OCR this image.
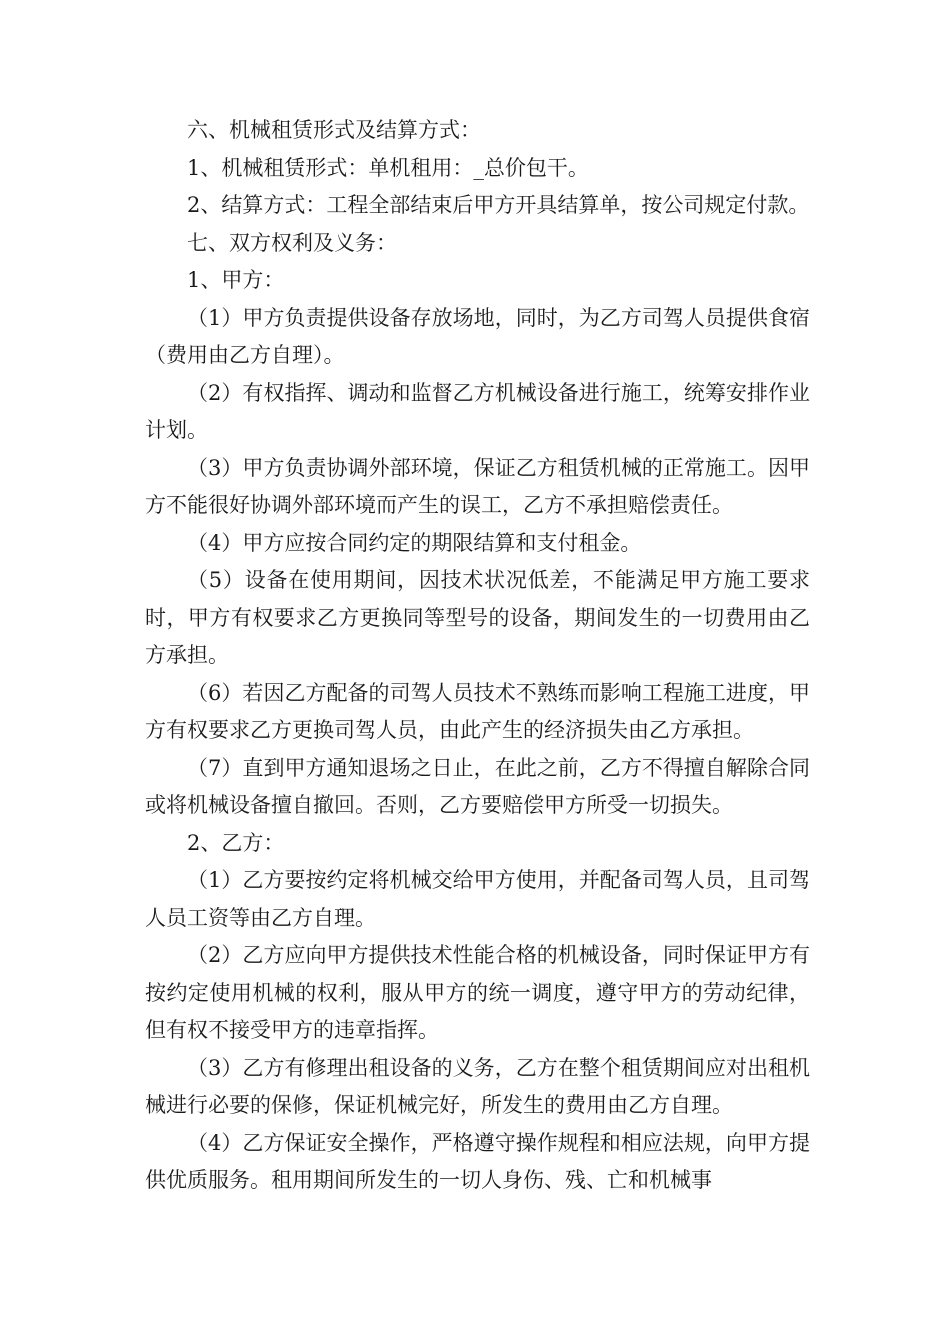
六、机械租赁形式及结算方式：

1、机械租赁形式：单机租用：_总价包干。

2、结算方式：工程全部结束后甲方开具结算单，按公司规定付款。

七、双方权利及义务：

1、甲方：

（1）甲方负责提供设备存放场地，同时，为乙方司驾人员提供食宿（费用由乙方自理）。

（2）有权指挥、调动和监督乙方机械设备进行施工，统筹安排作业计划。

（3）甲方负责协调外部环境，保证乙方租赁机械的正常施工。因甲方不能很好协调外部环境而产生的误工，乙方不承担赔偿责任。

（4）甲方应按合同约定的期限结算和支付租金。

（5）设备在使用期间，因技术状况低差，不能满足甲方施工要求时，甲方有权要求乙方更换同等型号的设备，期间发生的一切费用由乙方承担。

（6）若因乙方配备的司驾人员技术不熟练而影响工程施工进度，甲方有权要求乙方更换司驾人员，由此产生的经济损失由乙方承担。

（7）直到甲方通知退场之日止，在此之前，乙方不得擅自解除合同或将机械设备擅自撤回。否则，乙方要赔偿甲方所受一切损失。

2、乙方：

（1）乙方要按约定将机械交给甲方使用，并配备司驾人员，且司驾人员工资等由乙方自理。

（2）乙方应向甲方提供技术性能合格的机械设备，同时保证甲方有按约定使用机械的权利，服从甲方的统一调度，遵守甲方的劳动纪律，但有权不接受甲方的违章指挥。

（3）乙方有修理出租设备的义务，乙方在整个租赁期间应对出租机械进行必要的保修，保证机械完好，所发生的费用由乙方自理。

（4）乙方保证安全操作，严格遵守操作规程和相应法规，向甲方提供优质服务。租用期间所发生的一切人身伤、残、亡和机械事
